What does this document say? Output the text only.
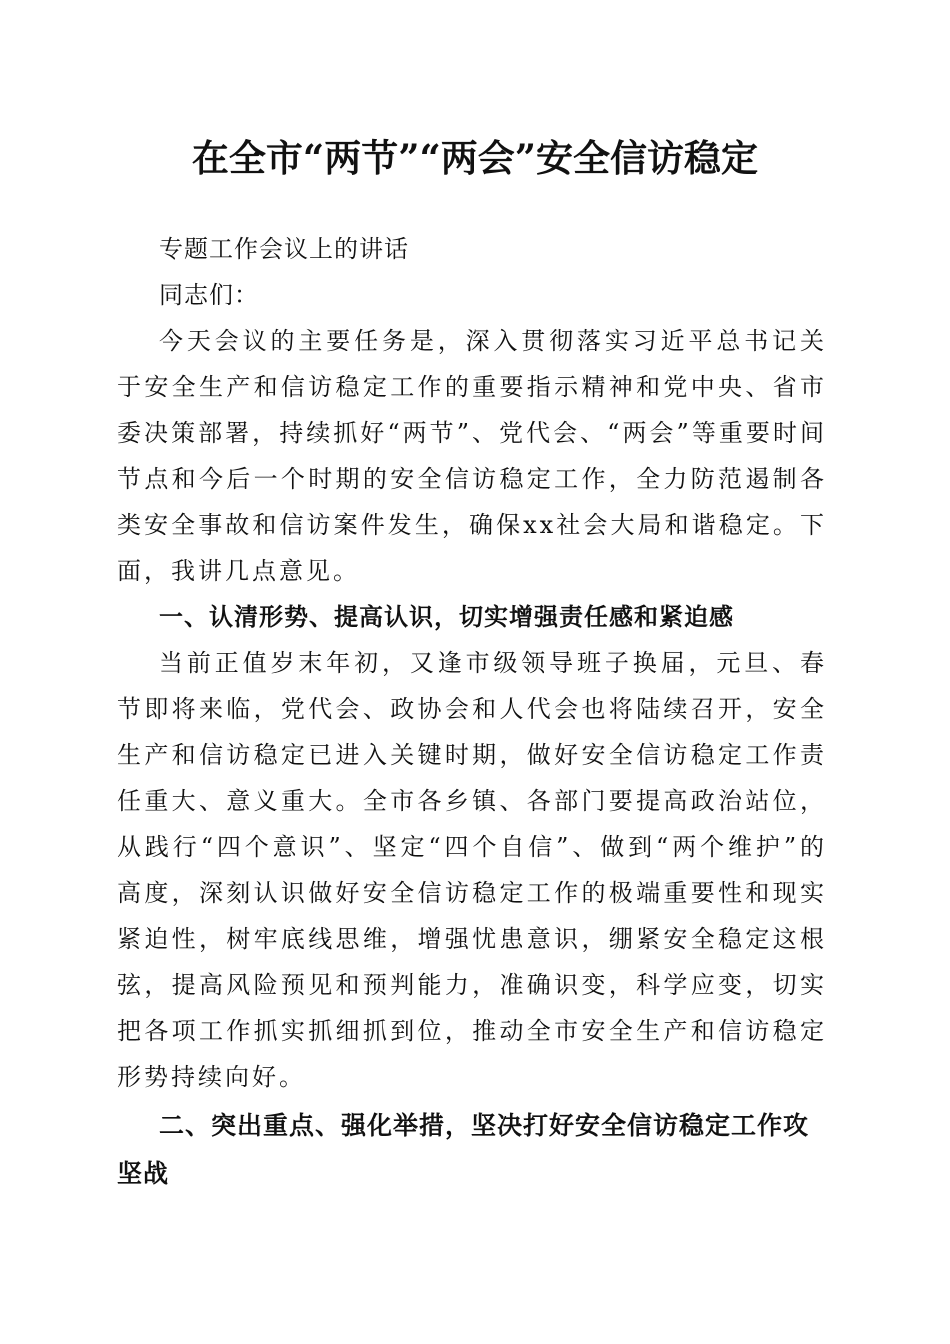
在全市“两节”“两会”安全信访稳定

专题工作会议上的讲话

同志们：

今天会议的主要任务是，深入贯彻落实习近平总书记关于安全生产和信访稳定工作的重要指示精神和党中央、省市委决策部署，持续抓好“两节”、党代会、“两会”等重要时间节点和今后一个时期的安全信访稳定工作，全力防范遏制各类安全事故和信访案件发生，确保xx社会大局和谐稳定。下面，我讲几点意见。

一、认清形势、提高认识，切实增强责任感和紧迫感

当前正值岁末年初，又逢市级领导班子换届，元旦、春节即将来临，党代会、政协会和人代会也将陆续召开，安全生产和信访稳定已进入关键时期，做好安全信访稳定工作责任重大、意义重大。全市各乡镇、各部门要提高政治站位，从践行“四个意识”、坚定“四个自信”、做到“两个维护”的高度，深刻认识做好安全信访稳定工作的极端重要性和现实紧迫性，树牢底线思维，增强忧患意识，绷紧安全稳定这根弦，提高风险预见和预判能力，准确识变，科学应变，切实把各项工作抓实抓细抓到位，推动全市安全生产和信访稳定形势持续向好。

二、突出重点、强化举措，坚决打好安全信访稳定工作攻坚战
